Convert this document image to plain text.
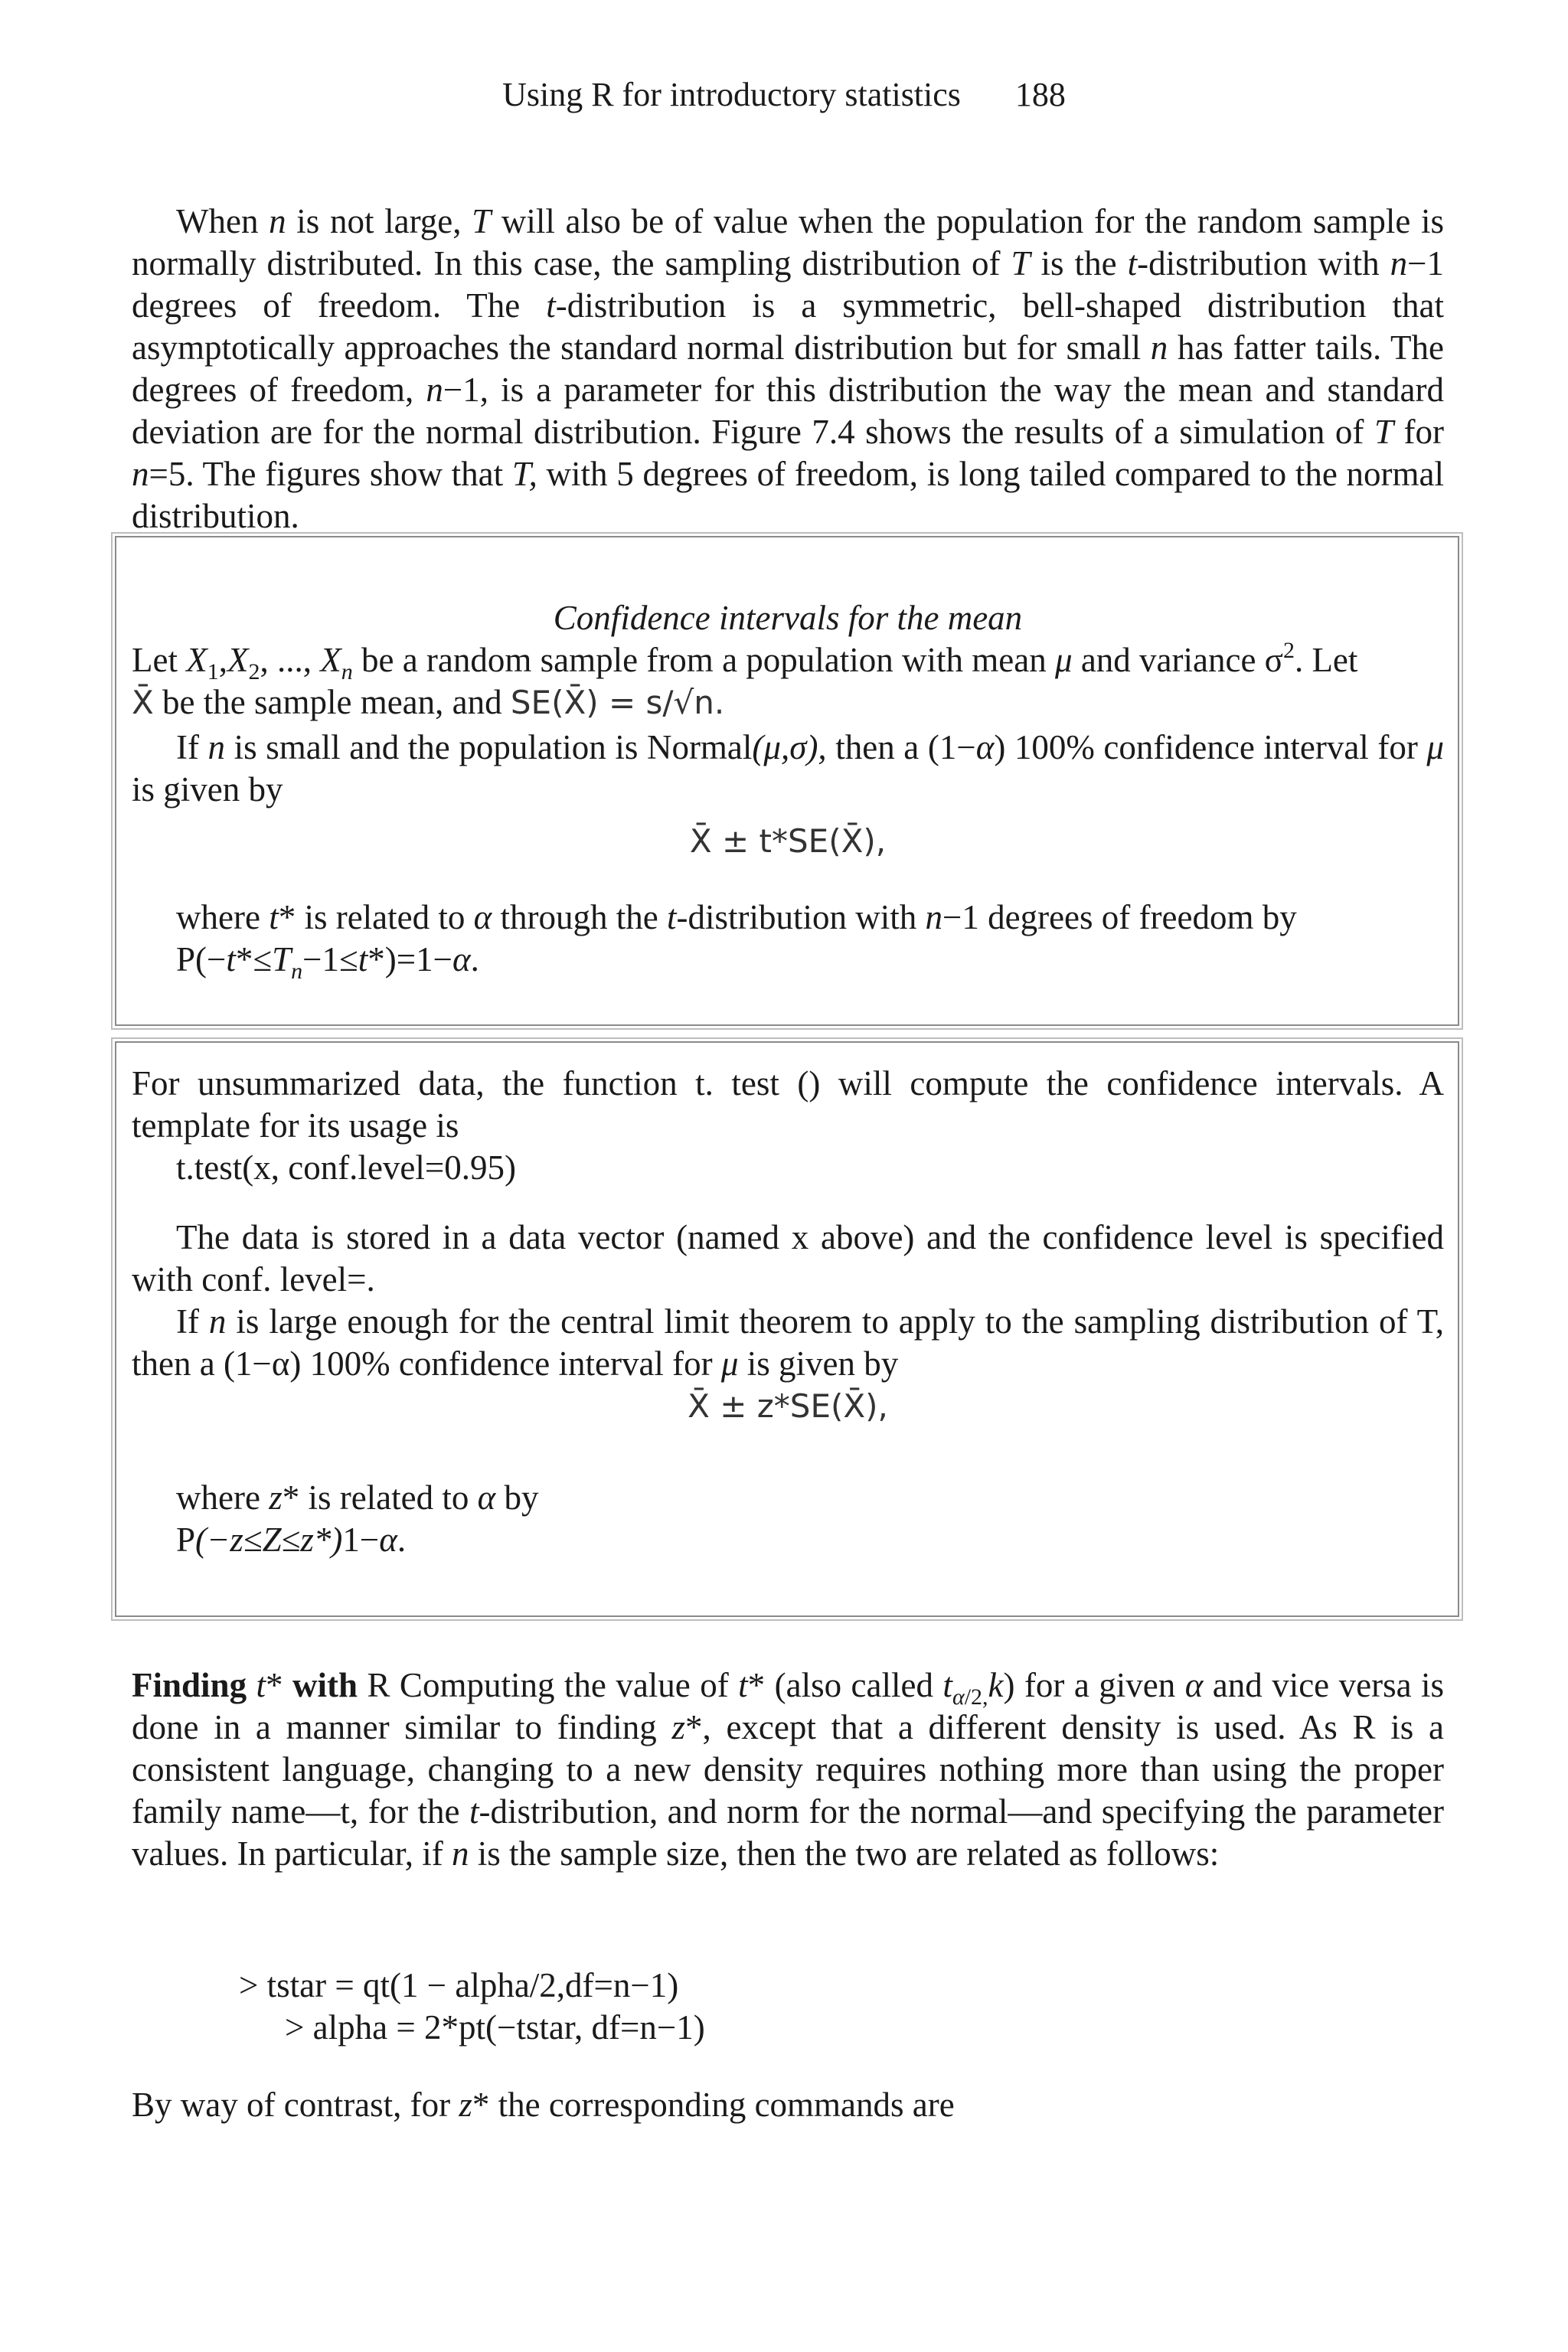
Using R for introductory statistics 188

When n is not large, T will also be of value when the population for the random sample is normally distributed. In this case, the sampling distribution of T is the t-distribution with n−1 degrees of freedom. The t-distribution is a symmetric, bell-shaped distribution that asymptotically approaches the standard normal distribution but for small n has fatter tails. The degrees of freedom, n−1, is a parameter for this distribution the way the mean and standard deviation are for the normal distribution. Figure 7.4 shows the results of a simulation of T for n=5. The figures show that T, with 5 degrees of freedom, is long tailed compared to the normal distribution.

Confidence intervals for the mean

Let $X_1,X_2$, ..., $X_n$ be a random sample from a population with mean μ and variance $\sigma^2$. Let

X̄ be the sample mean, and SE(X̄) = s/√n.

If n is small and the population is Normal(μ,σ), then a (1−α) 100% confidence interval for μ is given by

X̄ ± t*SE(X̄),

where t* is related to α through the t-distribution with n−1 degrees of freedom by

$P(-t*\le T_n-1\le t*)=1-\alpha$.

For unsummarized data, the function t. test () will compute the confidence intervals. A template for its usage is

t.test(x, conf.level=0.95)

The data is stored in a data vector (named x above) and the confidence level is specified with conf. level=.

If n is large enough for the central limit theorem to apply to the sampling distribution of T, then a (1−α) 100% confidence interval for μ is given by

X̄ ± z*SE(X̄),

where z* is related to α by

P(−z≤Z≤z*)1−α.

Finding t* with R Computing the value of t* (also called $t_{\alpha/2,}k$) for a given α and vice versa is done in a manner similar to finding z*, except that a different density is used. As R is a consistent language, changing to a new density requires nothing more than using the proper family name—t, for the t-distribution, and norm for the normal—and specifying the parameter values. In particular, if n is the sample size, then the two are related as follows:

> tstar = qt(1 − alpha/2,df=n−1)

> alpha = 2*pt(−tstar, df=n−1)

By way of contrast, for z* the corresponding commands are
